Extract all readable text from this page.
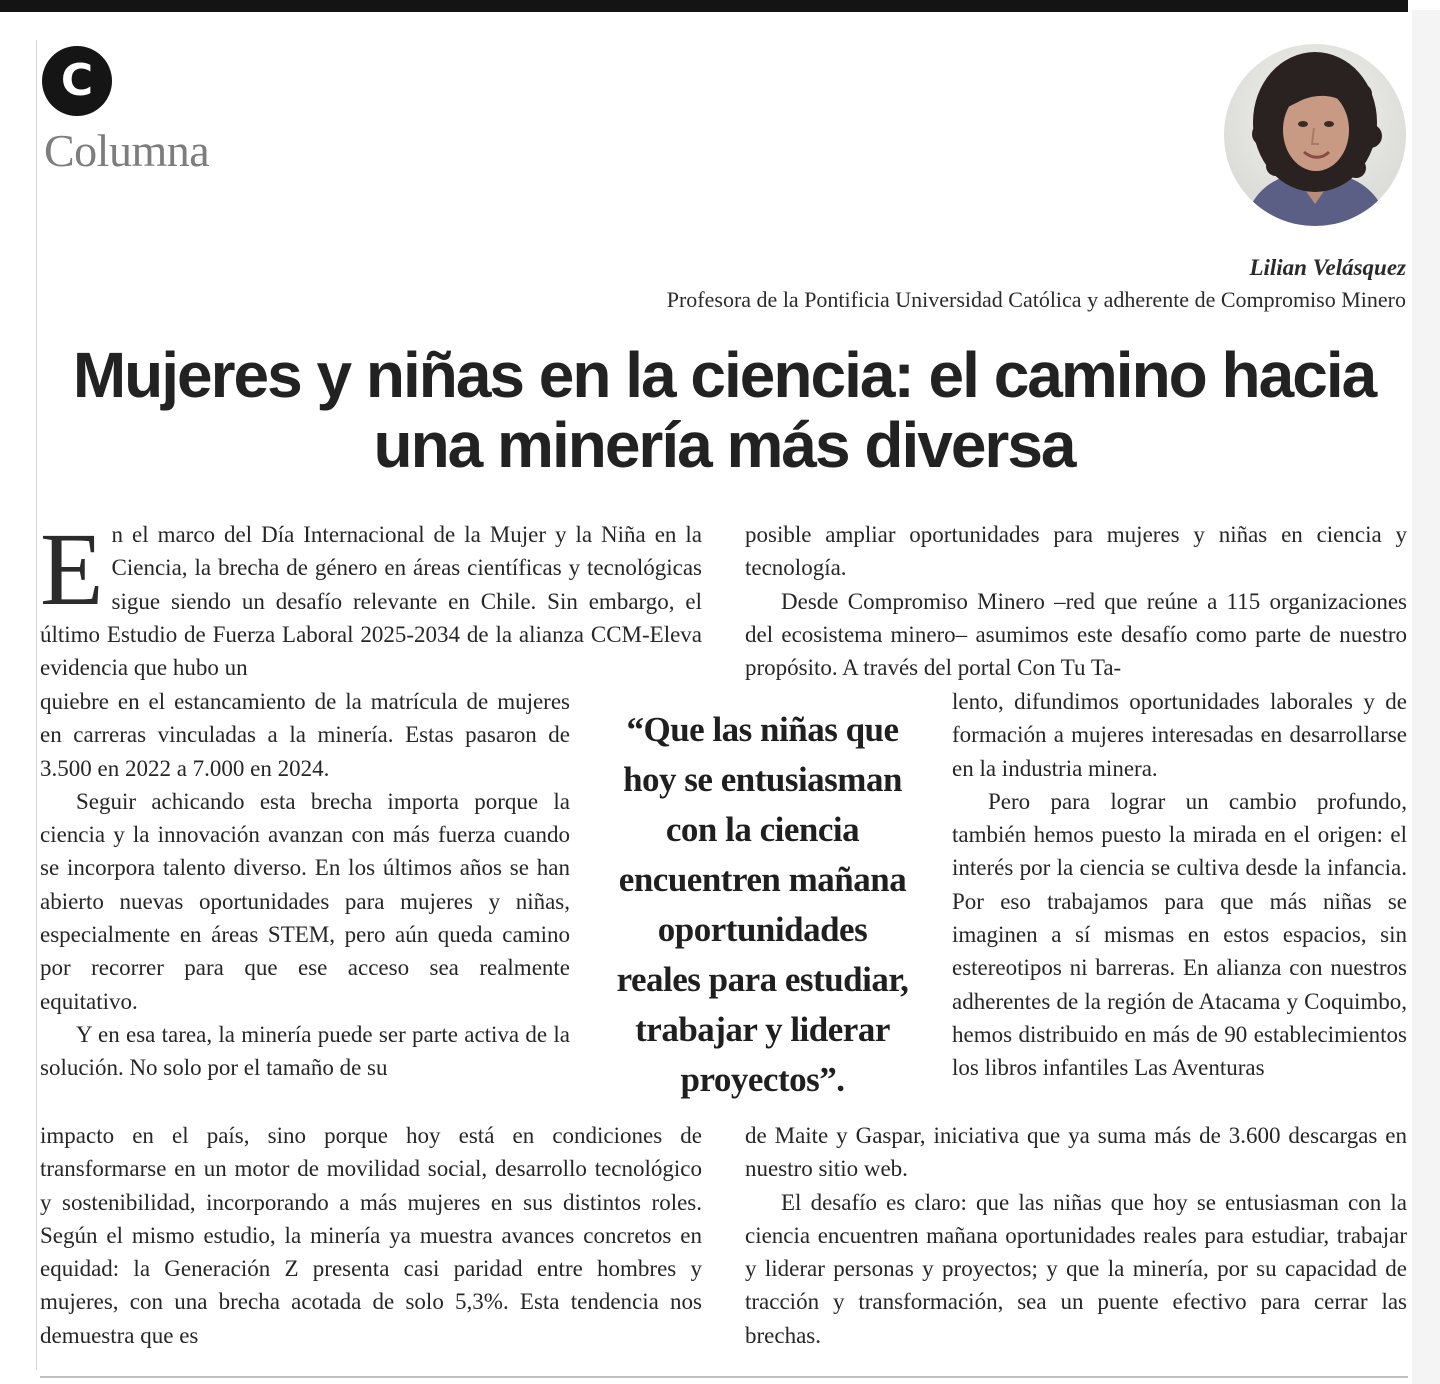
C
Columna
Lilian Velásquez
Profesora de la Pontificia Universidad Católica y adherente de Compromiso Minero
Mujeres y niñas en la ciencia: el camino hacia
una minería más diversa

En el marco del Día Internacional de la Mujer y la Niña en la Ciencia, la brecha de género en áreas científicas y tecnológicas sigue siendo un desafío relevante en Chile. Sin embargo, el último Estudio de Fuerza Laboral 2025-2034 de la alianza CCM-Eleva evidencia que hubo un

quiebre en el estancamiento de la matrícula de mujeres en carreras vinculadas a la minería. Estas pasaron de 3.500 en 2022 a 7.000 en 2024.

Seguir achicando esta brecha importa porque la ciencia y la innovación avanzan con más fuerza cuando se incorpora talento diverso. En los últimos años se han abierto nuevas oportunidades para mujeres y niñas, especialmente en áreas STEM, pero aún queda camino por recorrer para que ese acceso sea realmente equitativo.

Y en esa tarea, la minería puede ser parte activa de la solución. No solo por el tamaño de su

impacto en el país, sino porque hoy está en condiciones de transformarse en un motor de movilidad social, desarrollo tecnológico y sostenibilidad, incorporando a más mujeres en sus distintos roles. Según el mismo estudio, la minería ya muestra avances concretos en equidad: la Generación Z presenta casi paridad entre hombres y mujeres, con una brecha acotada de solo 5,3%. Esta tendencia nos demuestra que es

posible ampliar oportunidades para mujeres y niñas en ciencia y tecnología.

Desde Compromiso Minero –red que reúne a 115 organizaciones del ecosistema minero– asumimos este desafío como parte de nuestro propósito. A través del portal Con Tu Ta-

lento, difundimos oportunidades laborales y de formación a mujeres interesadas en desarrollarse en la industria minera.

Pero para lograr un cambio profundo, también hemos puesto la mirada en el origen: el interés por la ciencia se cultiva desde la infancia. Por eso trabajamos para que más niñas se imaginen a sí mismas en estos espacios, sin estereotipos ni barreras. En alianza con nuestros adherentes de la región de Atacama y Coquimbo, hemos distribuido en más de 90 establecimientos los libros infantiles Las Aventuras

de Maite y Gaspar, iniciativa que ya suma más de 3.600 descargas en nuestro sitio web.

El desafío es claro: que las niñas que hoy se entusiasman con la ciencia encuentren mañana oportunidades reales para estudiar, trabajar y liderar personas y proyectos; y que la minería, por su capacidad de tracción y transformación, sea un puente efectivo para cerrar las brechas.

“Que las niñas que
hoy se entusiasman
con la ciencia
encuentren mañana
oportunidades
reales para estudiar,
trabajar y liderar
proyectos”.
